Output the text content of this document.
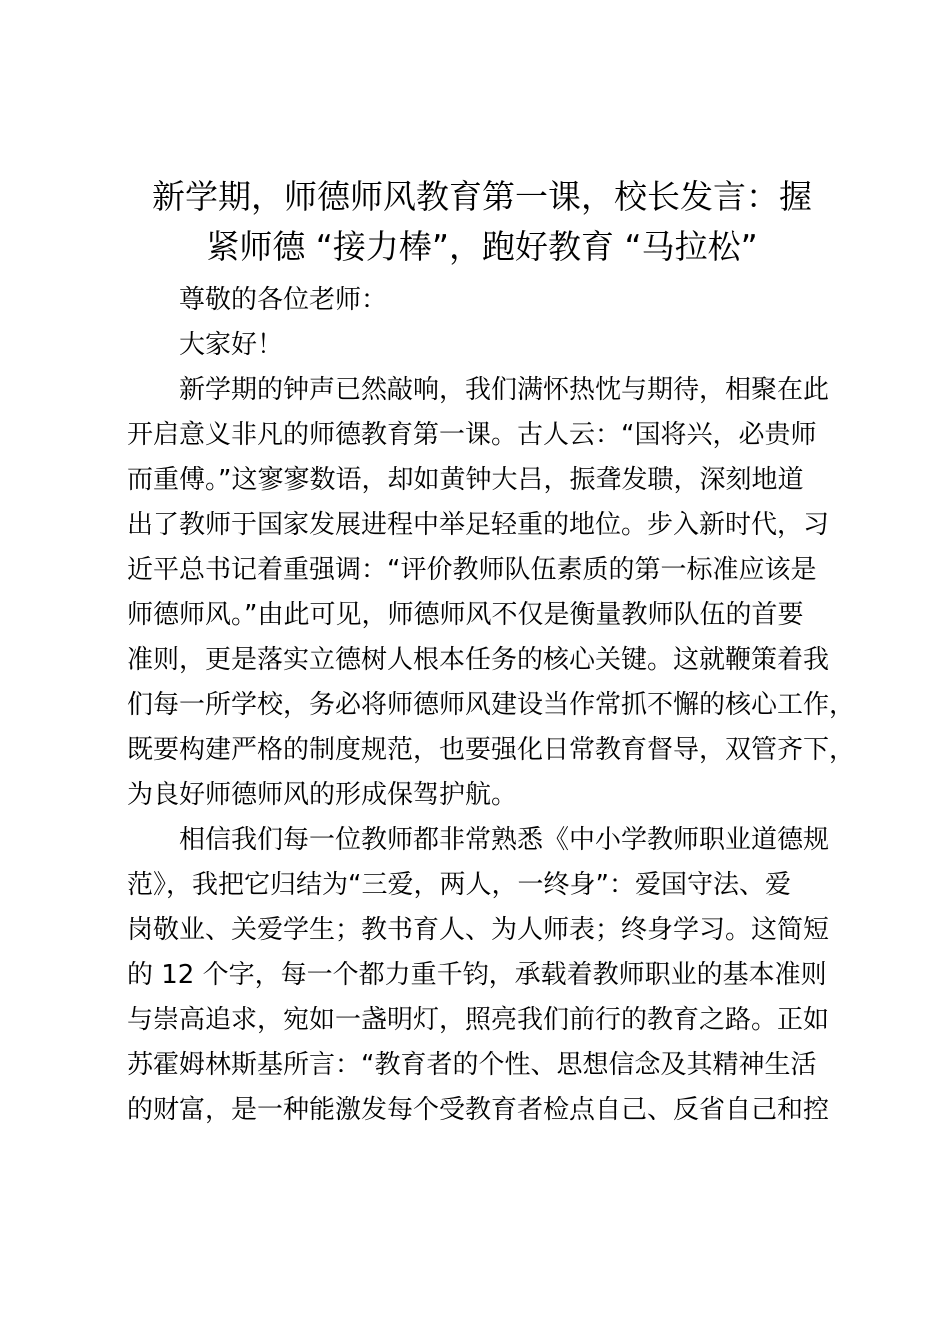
新学期，师德师风教育第一课，校长发言：握
紧师德 “接力棒”，跑好教育 “马拉松”

尊敬的各位老师：

大家好！

新学期的钟声已然敲响，我们满怀热忱与期待，相聚在此
开启意义非凡的师德教育第一课。古人云：“国将兴，必贵师
而重傅。”这寥寥数语，却如黄钟大吕，振聋发聩，深刻地道
出了教师于国家发展进程中举足轻重的地位。步入新时代，习
近平总书记着重强调：“评价教师队伍素质的第一标准应该是
师德师风。”由此可见，师德师风不仅是衡量教师队伍的首要
准则，更是落实立德树人根本任务的核心关键。这就鞭策着我
们每一所学校，务必将师德师风建设当作常抓不懈的核心工作，
既要构建严格的制度规范，也要强化日常教育督导，双管齐下，
为良好师德师风的形成保驾护航。

相信我们每一位教师都非常熟悉《中小学教师职业道德规
范》，我把它归结为“三爱，两人，一终身”：爱国守法、爱
岗敬业、关爱学生；教书育人、为人师表；终身学习。这简短
的 12 个字，每一个都力重千钧，承载着教师职业的基本准则
与崇高追求，宛如一盏明灯，照亮我们前行的教育之路。正如
苏霍姆林斯基所言：“教育者的个性、思想信念及其精神生活
的财富，是一种能激发每个受教育者检点自己、反省自己和控
